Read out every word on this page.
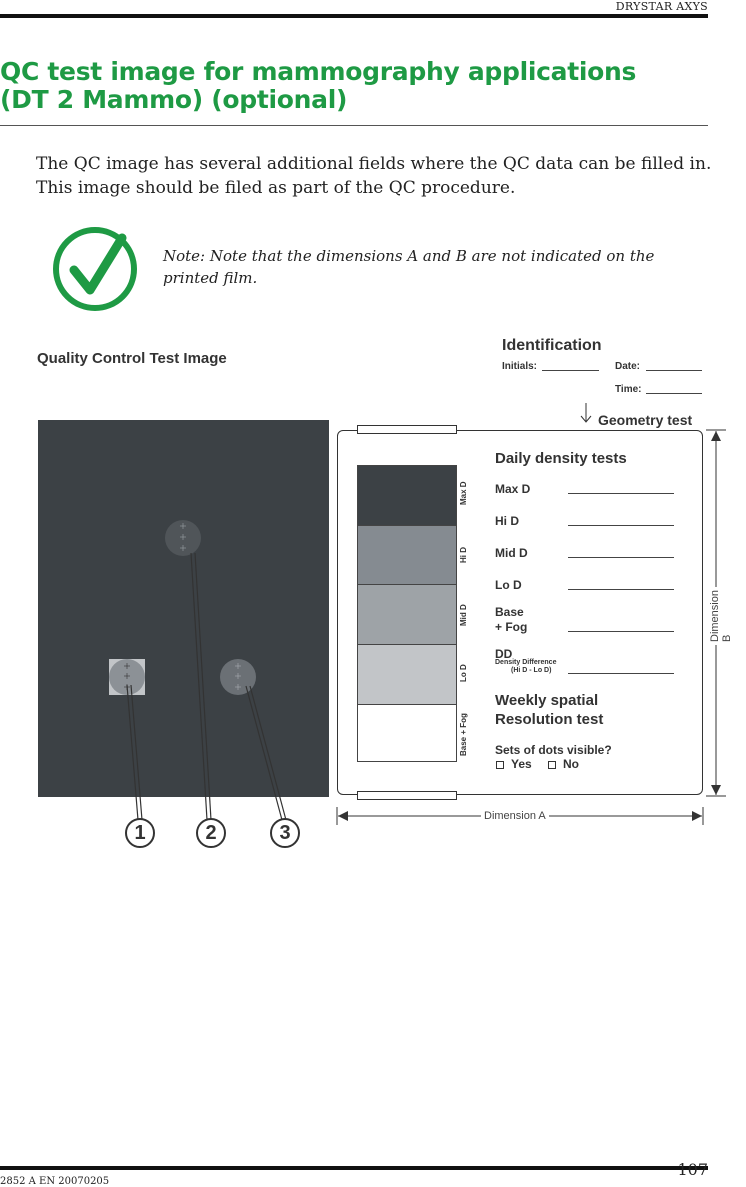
DRYSTAR AXYS
QC test image for mammography applications
(DT 2 Mammo) (optional)
The QC image has several additional fields where the QC data can be filled in.
This image should be filed as part of the QC procedure.
Note: Note that the dimensions A and B are not indicated on the printed film.
Quality Control Test Image
Identification
Initials:	Date:
Time:
Geometry test
1	2	3
Max D
Hi D
Mid D
Lo D
Base + Fog
Daily density tests
Max D
Hi D
Mid D
Lo D
Base
+ Fog
DD
Density Difference
(Hi D - Lo D)
Weekly spatial
Resolution test
Sets of dots visible?
Yes	No
Dimension A
Dimension B
2852 A EN 20070205
107
